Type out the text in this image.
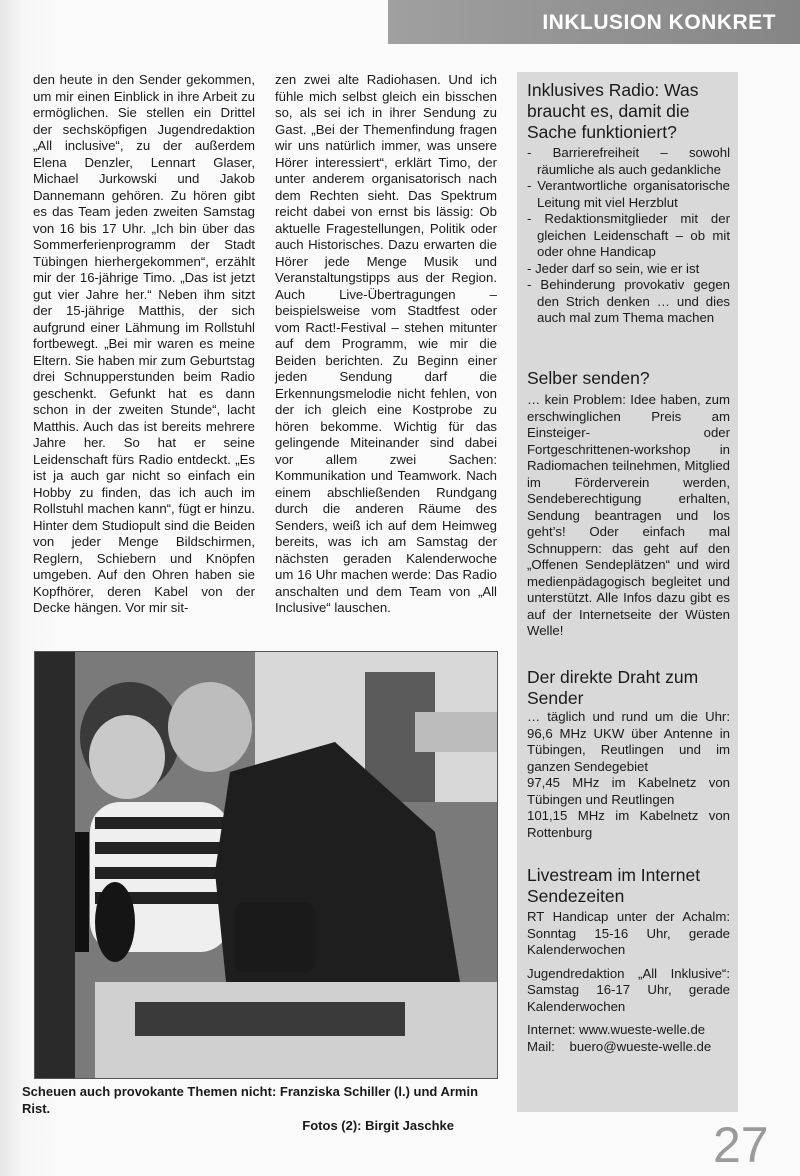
INKLUSION KONKRET

den heute in den Sender gekommen, um mir einen Einblick in ihre Arbeit zu ermöglichen. Sie stellen ein Drittel der sechsköpfigen Jugendredaktion „All inclusive“, zu der außerdem Elena Denzler, Lennart Glaser, Michael Jurkowski und Jakob Dannemann gehören. Zu hören gibt es das Team jeden zweiten Samstag von 16 bis 17 Uhr. „Ich bin über das Sommerferienprogramm der Stadt Tübingen hierhergekommen“, erzählt mir der 16-jährige Timo. „Das ist jetzt gut vier Jahre her.“ Neben ihm sitzt der 15-jährige Matthis, der sich aufgrund einer Lähmung im Rollstuhl fortbewegt. „Bei mir waren es meine Eltern. Sie haben mir zum Geburtstag drei Schnupperstunden beim Radio geschenkt. Gefunkt hat es dann schon in der zweiten Stunde“, lacht Matthis. Auch das ist bereits mehrere Jahre her. So hat er seine Leidenschaft fürs Radio entdeckt. „Es ist ja auch gar nicht so einfach ein Hobby zu finden, das ich auch im Rollstuhl machen kann“, fügt er hinzu. Hinter dem Studiopult sind die Beiden von jeder Menge Bildschirmen, Reglern, Schiebern und Knöpfen umgeben. Auf den Ohren haben sie Kopfhörer, deren Kabel von der Decke hängen. Vor mir sit-

zen zwei alte Radiohasen. Und ich fühle mich selbst gleich ein bisschen so, als sei ich in ihrer Sendung zu Gast. „Bei der Themenfindung fragen wir uns natürlich immer, was unsere Hörer interessiert“, erklärt Timo, der unter anderem organisatorisch nach dem Rechten sieht. Das Spektrum reicht dabei von ernst bis lässig: Ob aktuelle Fragestellungen, Politik oder auch Historisches. Dazu erwarten die Hörer jede Menge Musik und Veranstaltungstipps aus der Region. Auch Live-Übertragungen – beispielsweise vom Stadtfest oder vom Ract!-Festival – stehen mitunter auf dem Programm, wie mir die Beiden berichten. Zu Beginn einer jeden Sendung darf die Erkennungsmelodie nicht fehlen, von der ich gleich eine Kostprobe zu hören bekomme. Wichtig für das gelingende Miteinander sind dabei vor allem zwei Sachen: Kommunikation und Teamwork. Nach einem abschließenden Rundgang durch die anderen Räume des Senders, weiß ich auf dem Heimweg bereits, was ich am Samstag der nächsten geraden Kalenderwoche um 16 Uhr machen werde: Das Radio anschalten und dem Team von „All Inclusive“ lauschen.

Inklusives Radio: Was braucht es, damit die Sache funktioniert?
- Barrierefreiheit – sowohl räumliche als auch gedankliche
- Verantwortliche organisatorische Leitung mit viel Herzblut
- Redaktionsmitglieder mit der gleichen Leidenschaft – ob mit oder ohne Handicap
- Jeder darf so sein, wie er ist
- Behinderung provokativ gegen den Strich denken … und dies auch mal zum Thema machen
Selber senden?
… kein Problem: Idee haben, zum erschwinglichen Preis am Einsteiger- oder Fortgeschrittenen-workshop in Radiomachen teilnehmen, Mitglied im Förderverein werden, Sendeberechtigung erhalten, Sendung beantragen und los geht’s! Oder einfach mal Schnuppern: das geht auf den „Offenen Sendeplätzen“ und wird medienpädagogisch begleitet und unterstützt. Alle Infos dazu gibt es auf der Internetseite der Wüsten Welle!
Der direkte Draht zum Sender
… täglich und rund um die Uhr: 96,6 MHz UKW über Antenne in Tübingen, Reutlingen und im ganzen Sendegebiet
97,45 MHz im Kabelnetz von Tübingen und Reutlingen
101,15 MHz im Kabelnetz von Rottenburg
Livestream im Internet Sendezeiten
RT Handicap unter der Achalm: Sonntag 15-16 Uhr, gerade Kalenderwochen
Jugendredaktion „All Inklusive“: Samstag 16-17 Uhr, gerade Kalenderwochen
Internet: www.wueste-welle.de
Mail:    buero@wueste-welle.de
Scheuen auch provokante Themen nicht: Franziska Schiller (l.) und Armin Rist.
Fotos (2): Birgit Jaschke	27
